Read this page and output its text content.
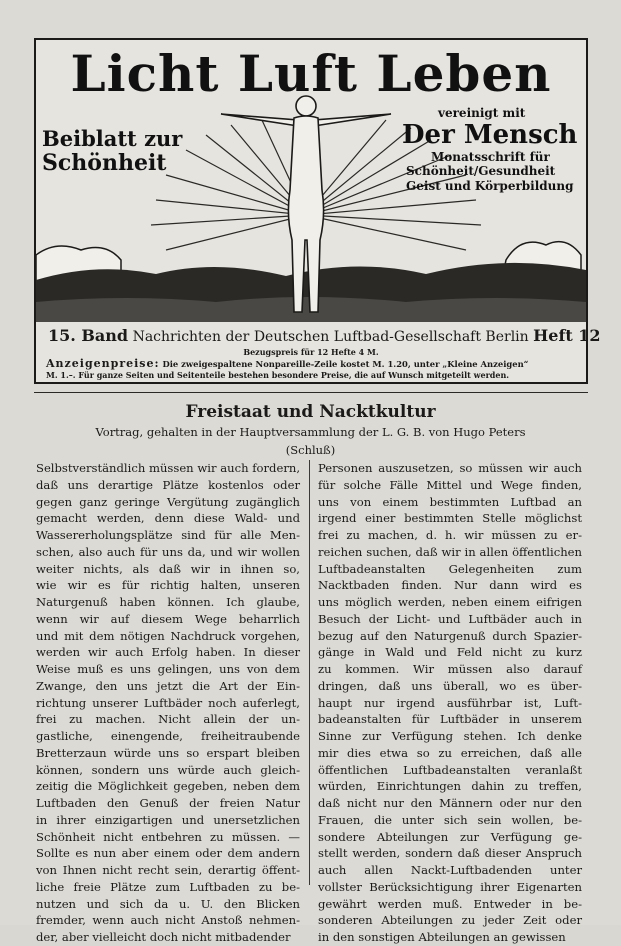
Licht Luft Leben
Beiblatt zur
Schönheit
vereinigt mit
Der Mensch
Monatsschrift für
Schönheit/Gesundheit
Geist und Körperbildung
15. Band Nachrichten der Deutschen Luftbad-Gesellschaft Berlin Heft 12
Bezugspreis für 12 Hefte 4 M.
Anzeigenpreise: Die zweigespaltene Nonpareille-Zeile kostet M. 1.20, unter „Kleine Anzeigen“
M. 1.–. Für ganze Seiten und Seitenteile bestehen besondere Preise, die auf Wunsch mitgeteilt werden.
Freistaat und Nacktkultur
Vortrag, gehalten in der Hauptversammlung der L. G. B. von Hugo Peters
(Schluß)
Selbstverständlich müssen wir auch fordern,
daß uns derartige Plätze kostenlos oder
gegen ganz geringe Vergütung zugänglich
gemacht werden, denn diese Wald- und
Wassererholungsplätze sind für alle Men-
schen, also auch für uns da, und wir wollen
weiter nichts, als daß wir in ihnen so,
wie wir es für richtig halten, unseren
Naturgenuß haben können. Ich glaube,
wenn wir auf diesem Wege beharrlich
und mit dem nötigen Nachdruck vorgehen,
werden wir auch Erfolg haben. In dieser
Weise muß es uns gelingen, uns von dem
Zwange, den uns jetzt die Art der Ein-
richtung unserer Luftbäder noch auferlegt,
frei zu machen. Nicht allein der un-
gastliche, einengende, freiheitraubende
Bretterzaun würde uns so erspart bleiben
können, sondern uns würde auch gleich-
zeitig die Möglichkeit gegeben, neben dem
Luftbaden den Genuß der freien Natur
in ihrer einzigartigen und unersetzlichen
Schönheit nicht entbehren zu müssen. —
Sollte es nun aber einem oder dem andern
von Ihnen nicht recht sein, derartig öffent-
liche freie Plätze zum Luftbaden zu be-
nutzen und sich da u. U. den Blicken
fremder, wenn auch nicht Anstoß nehmen-
der, aber vielleicht doch nicht mitbadender
Personen auszusetzen, so müssen wir auch
für solche Fälle Mittel und Wege finden,
uns von einem bestimmten Luftbad an
irgend einer bestimmten Stelle möglichst
frei zu machen, d. h. wir müssen zu er-
reichen suchen, daß wir in allen öffentlichen
Luftbadeanstalten Gelegenheiten zum
Nacktbaden finden. Nur dann wird es
uns möglich werden, neben einem eifrigen
Besuch der Licht- und Luftbäder auch in
bezug auf den Naturgenuß durch Spazier-
gänge in Wald und Feld nicht zu kurz
zu kommen. Wir müssen also darauf
dringen, daß uns überall, wo es über-
haupt nur irgend ausführbar ist, Luft-
badeanstalten für Luftbäder in unserem
Sinne zur Verfügung stehen. Ich denke
mir dies etwa so zu erreichen, daß alle
öffentlichen Luftbadeanstalten veranlaßt
würden, Einrichtungen dahin zu treffen,
daß nicht nur den Männern oder nur den
Frauen, die unter sich sein wollen, be-
sondere Abteilungen zur Verfügung ge-
stellt werden, sondern daß dieser Anspruch
auch allen Nackt-Luftbadenden unter
vollster Berücksichtigung ihrer Eigenarten
gewährt werden muß. Entweder in be-
sonderen Abteilungen zu jeder Zeit oder
in den sonstigen Abteilungen an gewissen
